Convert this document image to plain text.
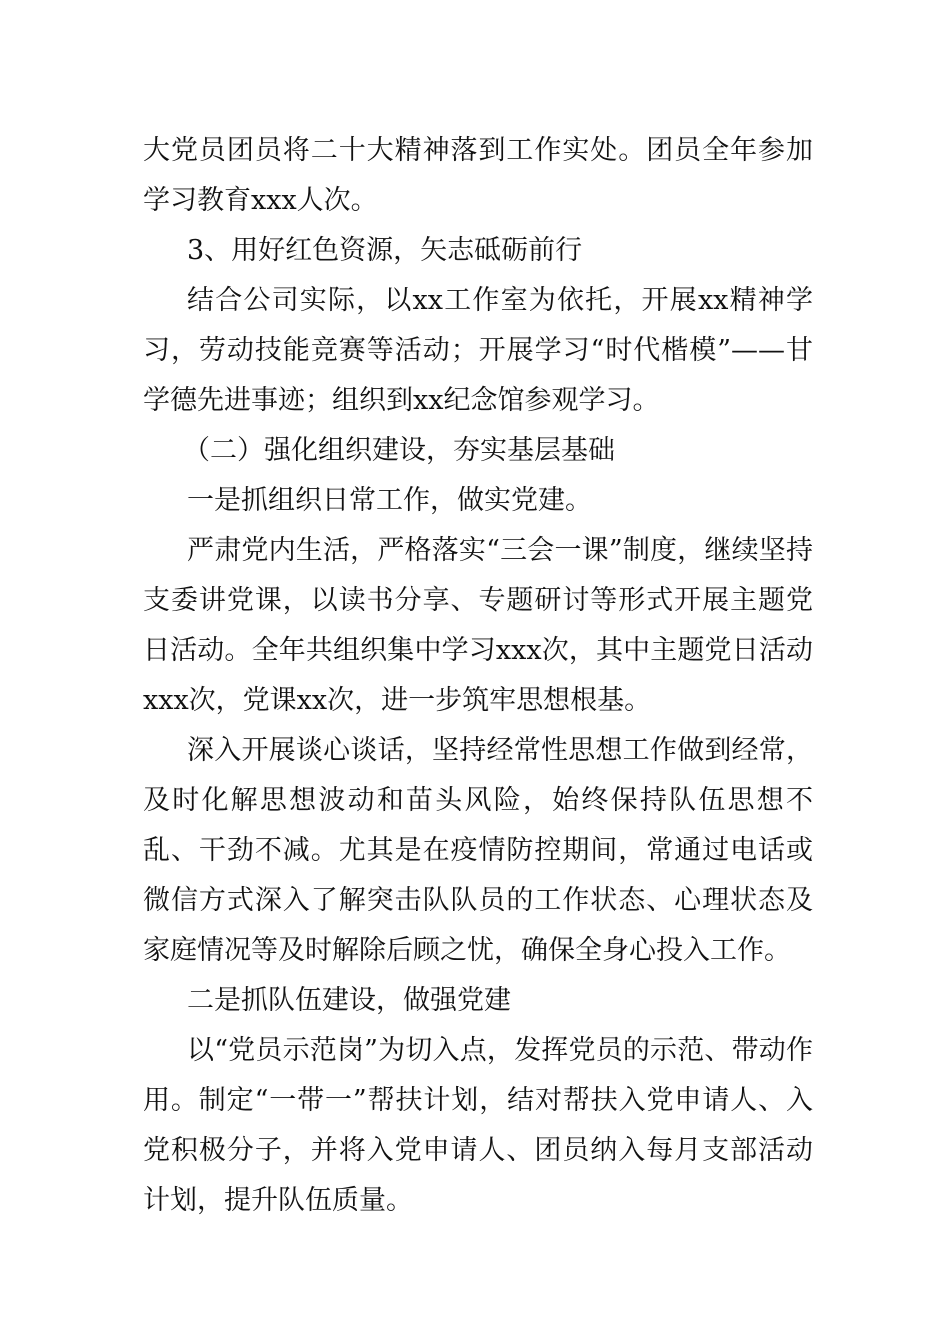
大党员团员将二十大精神落到工作实处。团员全年参加学习教育xxx人次。

3、用好红色资源，矢志砥砺前行

结合公司实际，以xx工作室为依托，开展xx精神学习，劳动技能竞赛等活动；开展学习“时代楷模”——甘学德先进事迹；组织到xx纪念馆参观学习。

（二）强化组织建设，夯实基层基础

一是抓组织日常工作，做实党建。

严肃党内生活，严格落实“三会一课”制度，继续坚持支委讲党课，以读书分享、专题研讨等形式开展主题党日活动。全年共组织集中学习xxx次，其中主题党日活动xxx次，党课xx次，进一步筑牢思想根基。

深入开展谈心谈话，坚持经常性思想工作做到经常，及时化解思想波动和苗头风险，始终保持队伍思想不乱、干劲不减。尤其是在疫情防控期间，常通过电话或微信方式深入了解突击队队员的工作状态、心理状态及家庭情况等及时解除后顾之忧，确保全身心投入工作。

二是抓队伍建设，做强党建

以“党员示范岗”为切入点，发挥党员的示范、带动作用。制定“一带一”帮扶计划，结对帮扶入党申请人、入党积极分子，并将入党申请人、团员纳入每月支部活动计划，提升队伍质量。
